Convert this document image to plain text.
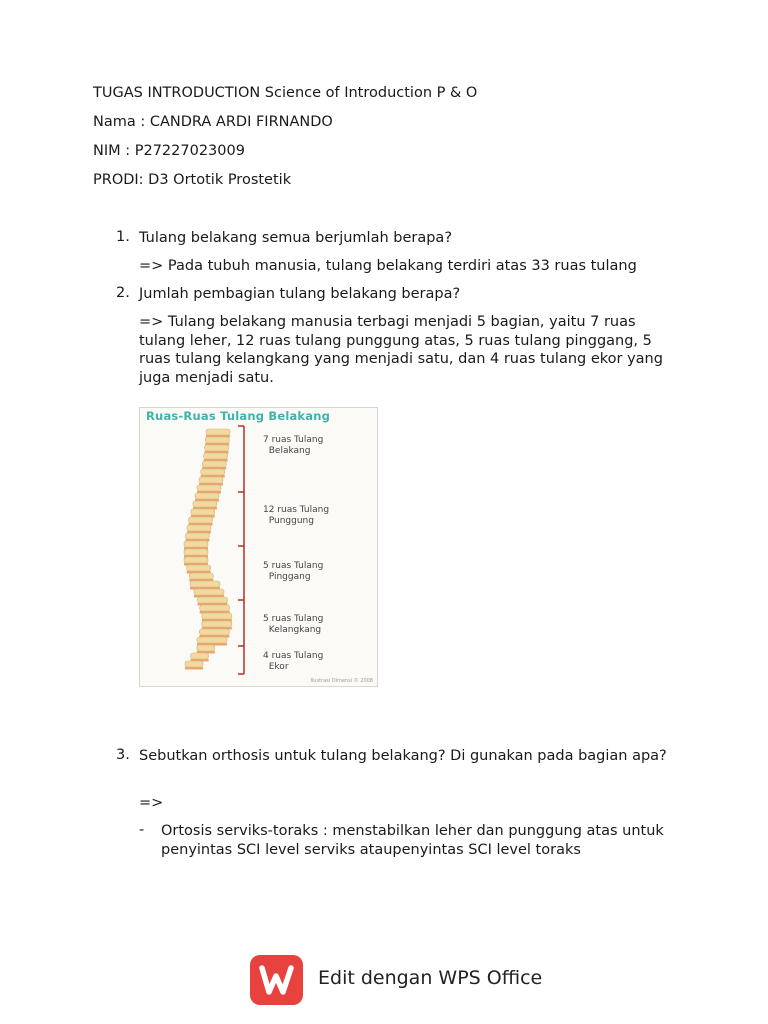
TUGAS INTRODUCTION Science of Introduction P & O
Nama : CANDRA ARDI FIRNANDO
NIM : P27227023009
PRODI: D3 Ortotik Prostetik
1. Tulang belakang semua berjumlah berapa?
=> Pada tubuh manusia, tulang belakang terdiri atas 33 ruas tulang
2. Jumlah pembagian tulang belakang berapa?
=> Tulang belakang manusia terbagi menjadi 5 bagian, yaitu 7 ruas tulang leher, 12 ruas tulang punggung atas, 5 ruas tulang pinggang, 5 ruas tulang kelangkang yang menjadi satu, dan 4 ruas tulang ekor yang juga menjadi satu.
Ruas-Ruas Tulang Belakang
7 ruas Tulang
Belakang
12 ruas Tulang
Punggung
5 ruas Tulang
Pinggang
5 ruas Tulang
Kelangkang
4 ruas Tulang
Ekor
Ilustrasi Dimensi © 2008
3. Sebutkan orthosis untuk tulang belakang? Di gunakan pada bagian apa?
=>
- Ortosis serviks-toraks : menstabilkan leher dan punggung atas untuk penyintas SCI level serviks ataupenyintas SCI level toraks
Edit dengan WPS Office
